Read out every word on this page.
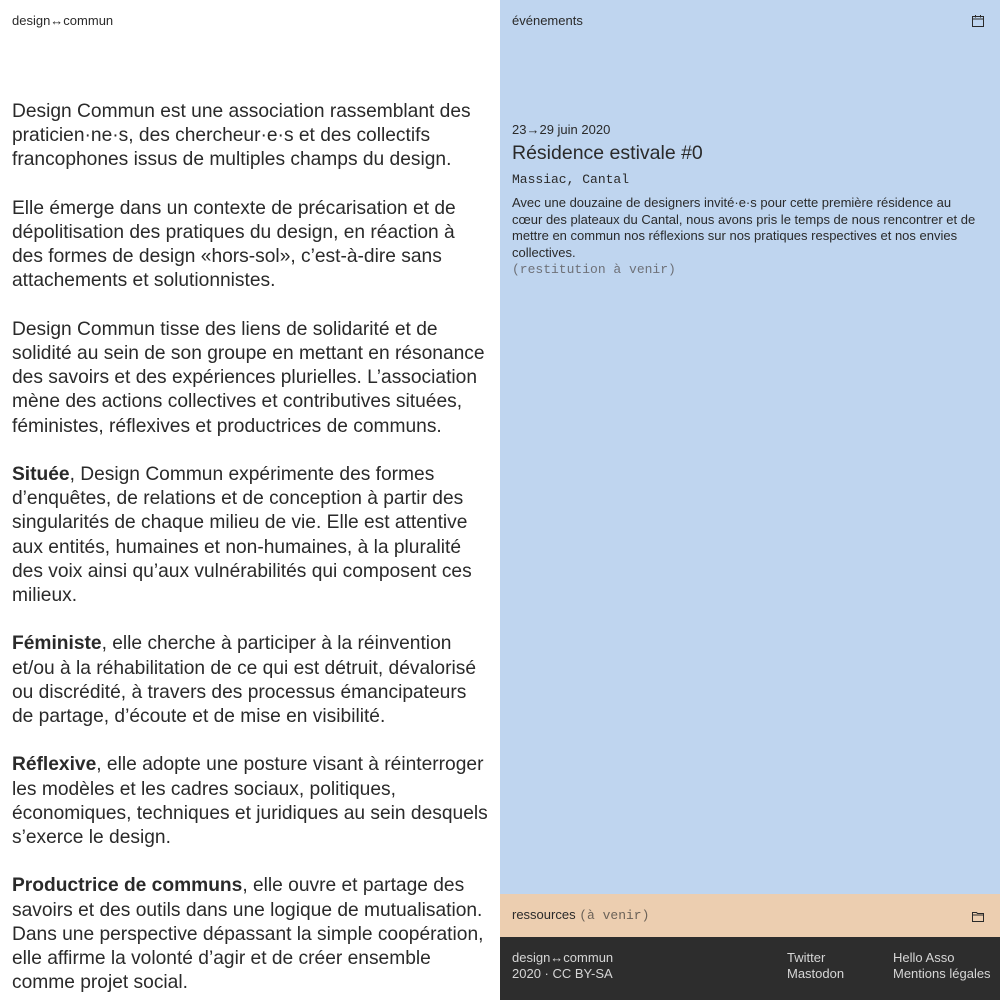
design↔commun

Design Commun est une association rassemblant des praticien·ne·s, des chercheur·e·s et des collectifs francophones issus de multiples champs du design.

Elle émerge dans un contexte de précarisation et de dépolitisation des pratiques du design, en réaction à des formes de design «hors-sol», c’est-à-dire sans attachements et solutionnistes.

Design Commun tisse des liens de solidarité et de solidité au sein de son groupe en mettant en résonance des savoirs et des expériences plurielles. L’association mène des actions collectives et contributives situées, féministes, réflexives et productrices de communs.

Située, Design Commun expérimente des formes d’enquêtes, de relations et de conception à partir des singularités de chaque milieu de vie. Elle est attentive aux entités, humaines et non-humaines, à la pluralité des voix ainsi qu’aux vulnérabilités qui composent ces milieux.

Féministe, elle cherche à participer à la réinvention et/ou à la réhabilitation de ce qui est détruit, dévalorisé ou discrédité, à travers des processus émancipateurs de partage, d’écoute et de mise en visibilité.

Réflexive, elle adopte une posture visant à réinterroger les modèles et les cadres sociaux, politiques, économiques, techniques et juridiques au sein desquels s’exerce le design.

Productrice de communs, elle ouvre et partage des savoirs et des outils dans une logique de mutualisation. Dans une perspective dépassant la simple coopération, elle affirme la volonté d’agir et de créer ensemble comme projet social.

événements
23→29 juin 2020
Résidence estivale #0
Massiac, Cantal
Avec une douzaine de designers invité·e·s pour cette première résidence au cœur des plateaux du Cantal, nous avons pris le temps de nous rencontrer et de mettre en commun nos réflexions sur nos pratiques respectives et nos envies collectives.
(restitution à venir)
ressources (à venir)
design↔commun
2020 · CC BY-SA
Twitter
Mastodon
Hello Asso
Mentions légales
